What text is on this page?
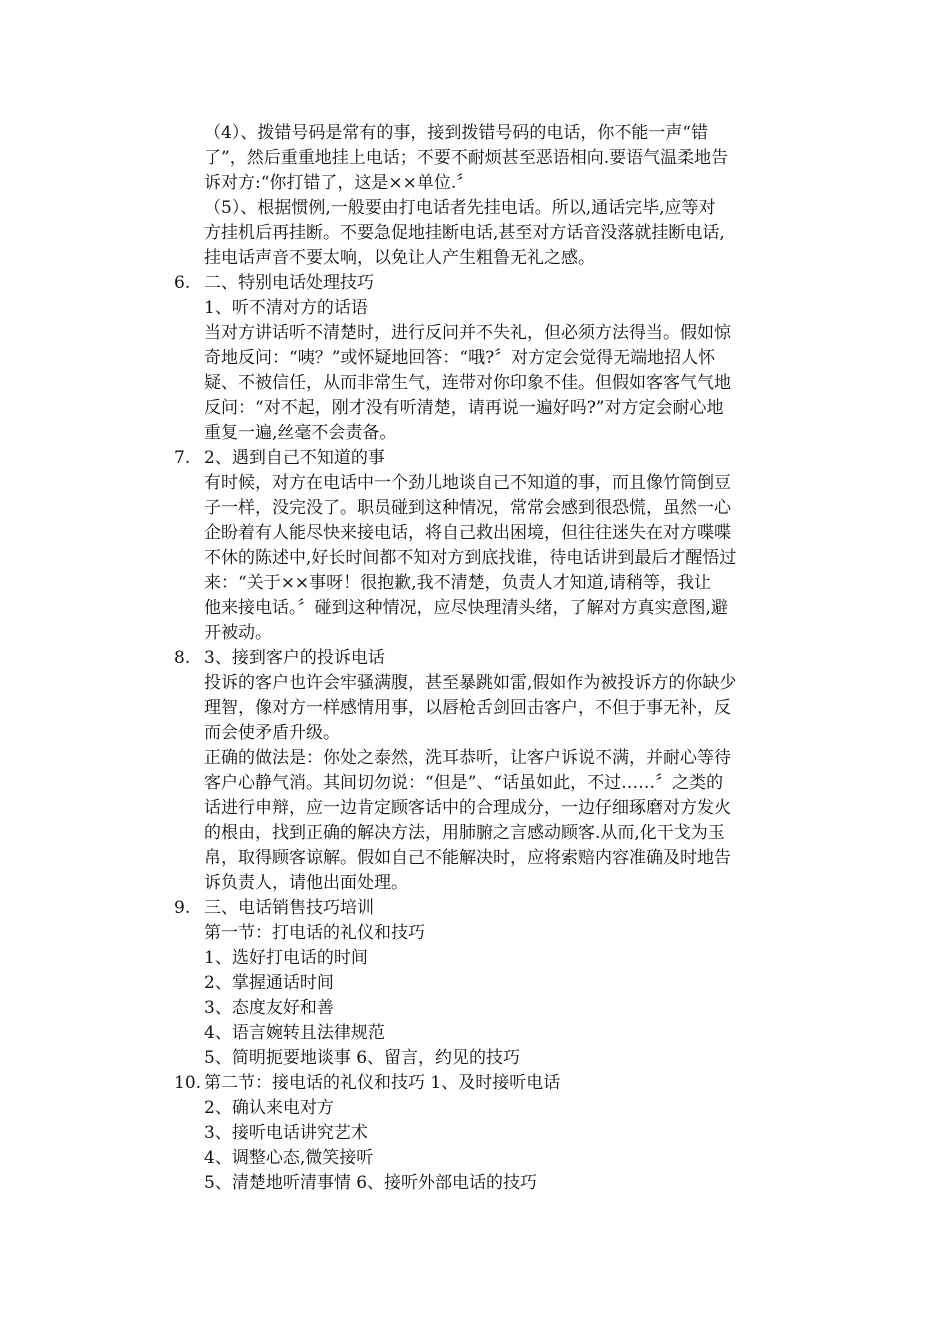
（4）、拨错号码是常有的事，接到拨错号码的电话，你不能一声“错
了”，然后重重地挂上电话；不要不耐烦甚至恶语相向.要语气温柔地告
诉对方:“你打错了，这是××单位.〞
（5）、根据惯例,一般要由打电话者先挂电话。所以,通话完毕,应等对
方挂机后再挂断。不要急促地挂断电话,甚至对方话音没落就挂断电话,
挂电话声音不要太响，以免让人产生粗鲁无礼之感。
6. 二、特别电话处理技巧
1、听不清对方的话语
当对方讲话听不清楚时，进行反问并不失礼，但必须方法得当。假如惊
奇地反问：“咦？”或怀疑地回答：“哦?〞对方定会觉得无端地招人怀
疑、不被信任，从而非常生气，连带对你印象不佳。但假如客客气气地
反问：“对不起，刚才没有听清楚，请再说一遍好吗?”对方定会耐心地
重复一遍,丝毫不会责备。
7. 2、遇到自己不知道的事
有时候，对方在电话中一个劲儿地谈自己不知道的事，而且像竹筒倒豆
子一样，没完没了。职员碰到这种情况，常常会感到很恐慌，虽然一心
企盼着有人能尽快来接电话，将自己救出困境，但往往迷失在对方喋喋
不休的陈述中,好长时间都不知对方到底找谁，待电话讲到最后才醒悟过
来：“关于××事呀！很抱歉,我不清楚，负责人才知道,请稍等，我让
他来接电话。〞碰到这种情况，应尽快理清头绪，了解对方真实意图,避
开被动。
8. 3、接到客户的投诉电话
投诉的客户也许会牢骚满腹，甚至暴跳如雷,假如作为被投诉方的你缺少
理智，像对方一样感情用事，以唇枪舌剑回击客户，不但于事无补，反
而会使矛盾升级。
正确的做法是：你处之泰然，洗耳恭听，让客户诉说不满，并耐心等待
客户心静气消。其间切勿说：“但是”、“话虽如此，不过……〞之类的
话进行申辩，应一边肯定顾客话中的合理成分，一边仔细琢磨对方发火
的根由，找到正确的解决方法，用肺腑之言感动顾客.从而,化干戈为玉
帛，取得顾客谅解。假如自己不能解决时，应将索赔内容准确及时地告
诉负责人，请他出面处理。
9. 三、电话销售技巧培训
第一节：打电话的礼仪和技巧
1、选好打电话的时间
2、掌握通话时间
3、态度友好和善
4、语言婉转且法律规范
5、简明扼要地谈事 6、留言，约见的技巧
10. 第二节：接电话的礼仪和技巧 1、及时接听电话
2、确认来电对方
3、接听电话讲究艺术
4、调整心态,微笑接听
5、清楚地听清事情 6、接听外部电话的技巧
